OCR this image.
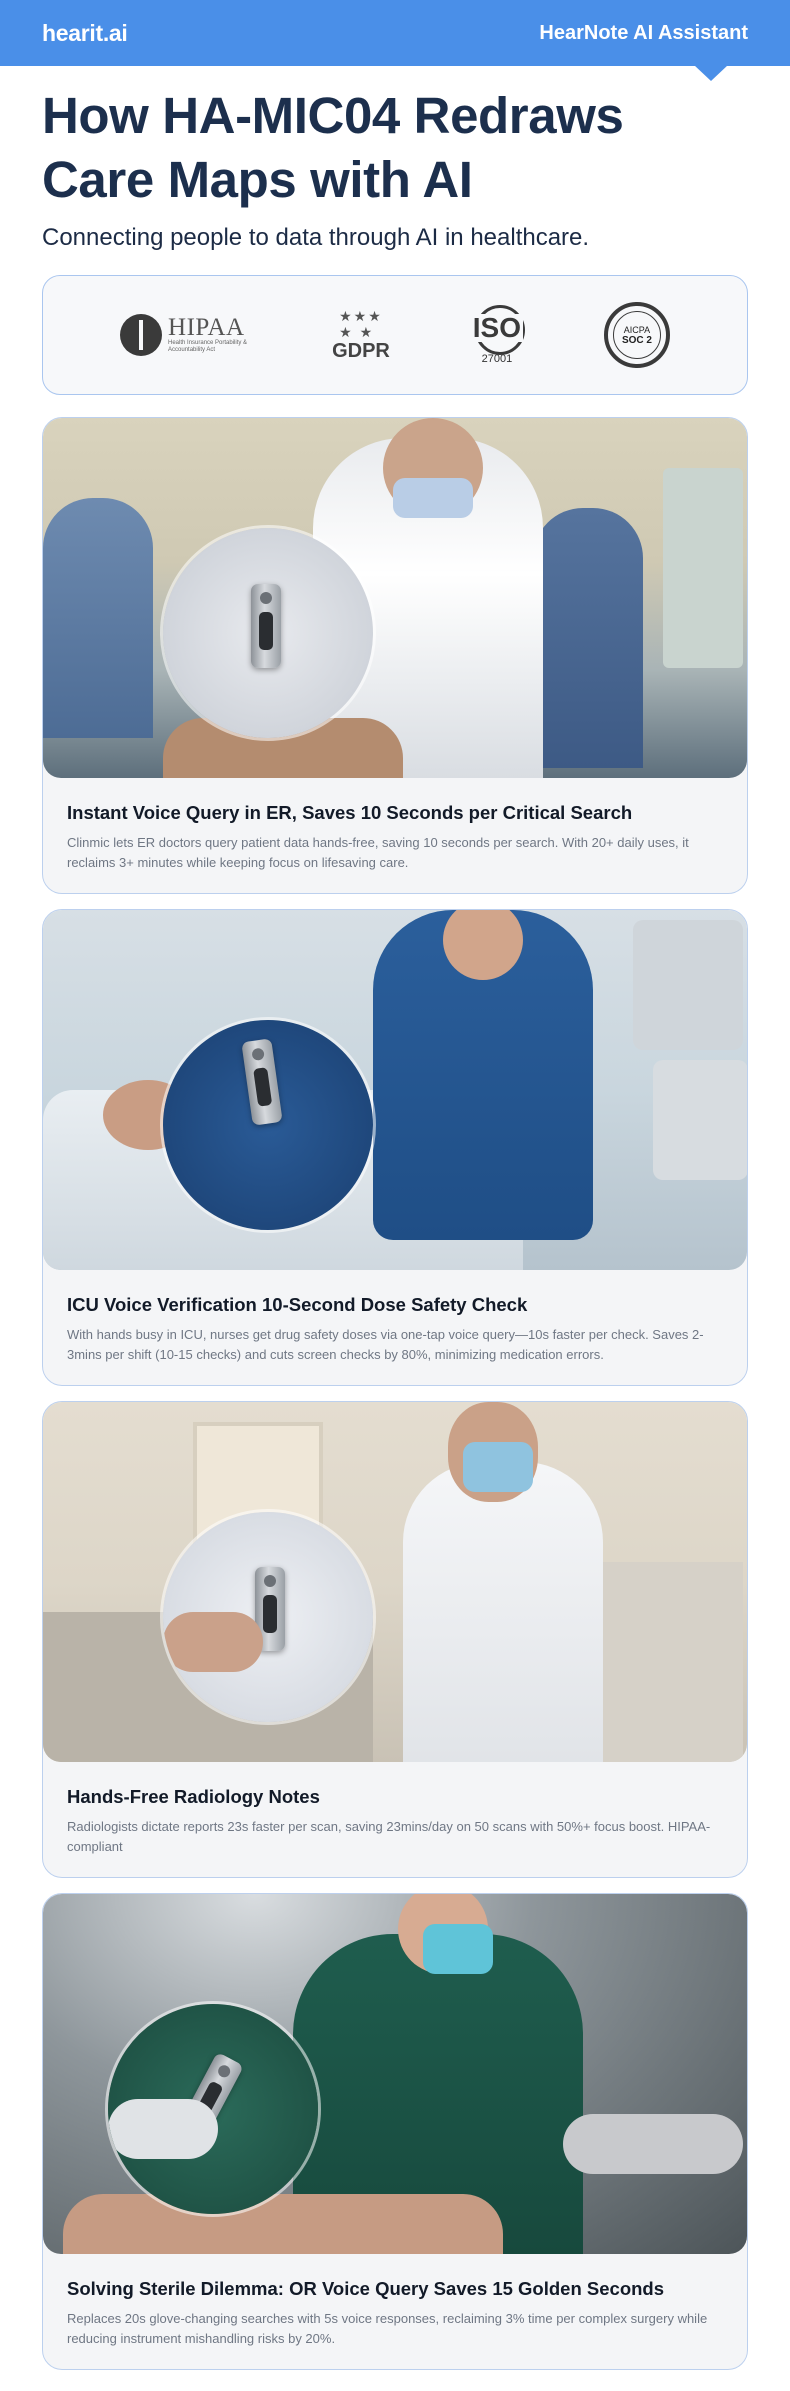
hearit.ai	HearNote AI Assistant
How HA-MIC04 Redraws Care Maps with AI

Connecting people to data through AI in healthcare.

HIPAA
Health Insurance Portability & Accountability Act
★★★
★ ★
GDPR
ISO
27001
AICPA
SOC 2
Instant Voice Query in ER, Saves 10 Seconds per Critical Search

Clinmic lets ER doctors query patient data hands-free, saving 10 seconds per search. With 20+ daily uses, it reclaims 3+ minutes while keeping focus on lifesaving care.

ICU Voice Verification 10-Second Dose Safety Check

With hands busy in ICU, nurses get drug safety doses via one-tap voice query—10s faster per check. Saves 2-3mins per shift (10-15 checks) and cuts screen checks by 80%, minimizing medication errors.

Hands-Free Radiology Notes

Radiologists dictate reports 23s faster per scan, saving 23mins/day on 50 scans with 50%+ focus boost. HIPAA-compliant

Solving Sterile Dilemma: OR Voice Query Saves 15 Golden Seconds

Replaces 20s glove-changing searches with 5s voice responses, reclaiming 3% time per complex surgery while reducing instrument mishandling risks by 20%.
